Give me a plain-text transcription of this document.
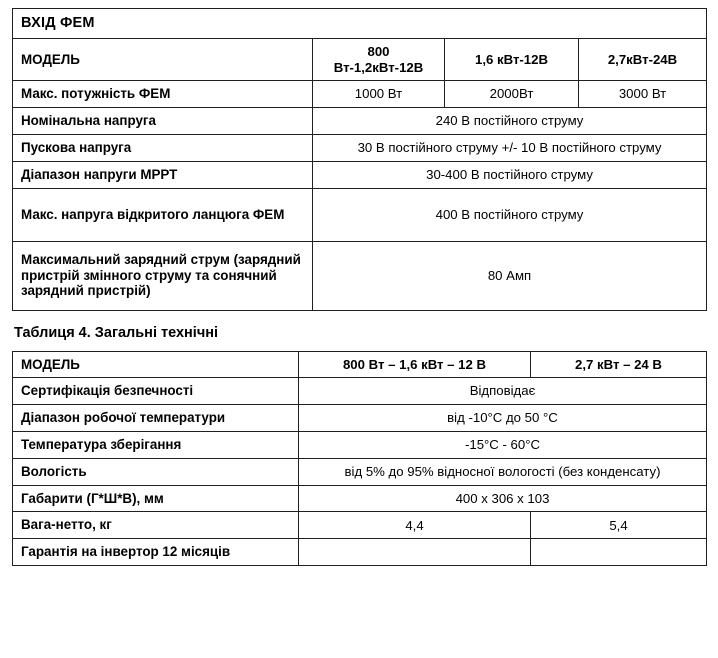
ВХІД ФЕМ			
МОДЕЛЬ	800 Вт-1,2кВт-12В	1,6 кВт-12В	2,7кВт-24В
Макс. потужність ФЕМ	1000 Вт	2000Вт	3000 Вт
Номінальна напруга	240 В постійного струму		
Пускова напруга	30 В постійного струму +/- 10 В постійного струму		
Діапазон напруги МРРТ	30-400 В постійного струму		
Макс. напруга відкритого ланцюга ФЕМ	400 В постійного струму		
Максимальний зарядний струм (зарядний пристрій змінного струму та сонячний зарядний пристрій)	80 Амп		
Таблиця 4. Загальні технічні
МОДЕЛЬ	800 Вт – 1,6 кВт – 12 В	2,7 кВт – 24 В
Сертифікація безпечності	Відповідає	
Діапазон робочої температури	від -10°C до 50 °C	
Температура зберігання	-15°C - 60°C	
Вологість	від 5% до 95% відносної вологості (без конденсату)	
Габарити (Г*Ш*В), мм	400 x 306 x 103	
Вага-нетто, кг	4,4	5,4
Гарантія на інвертор 12 місяців		
